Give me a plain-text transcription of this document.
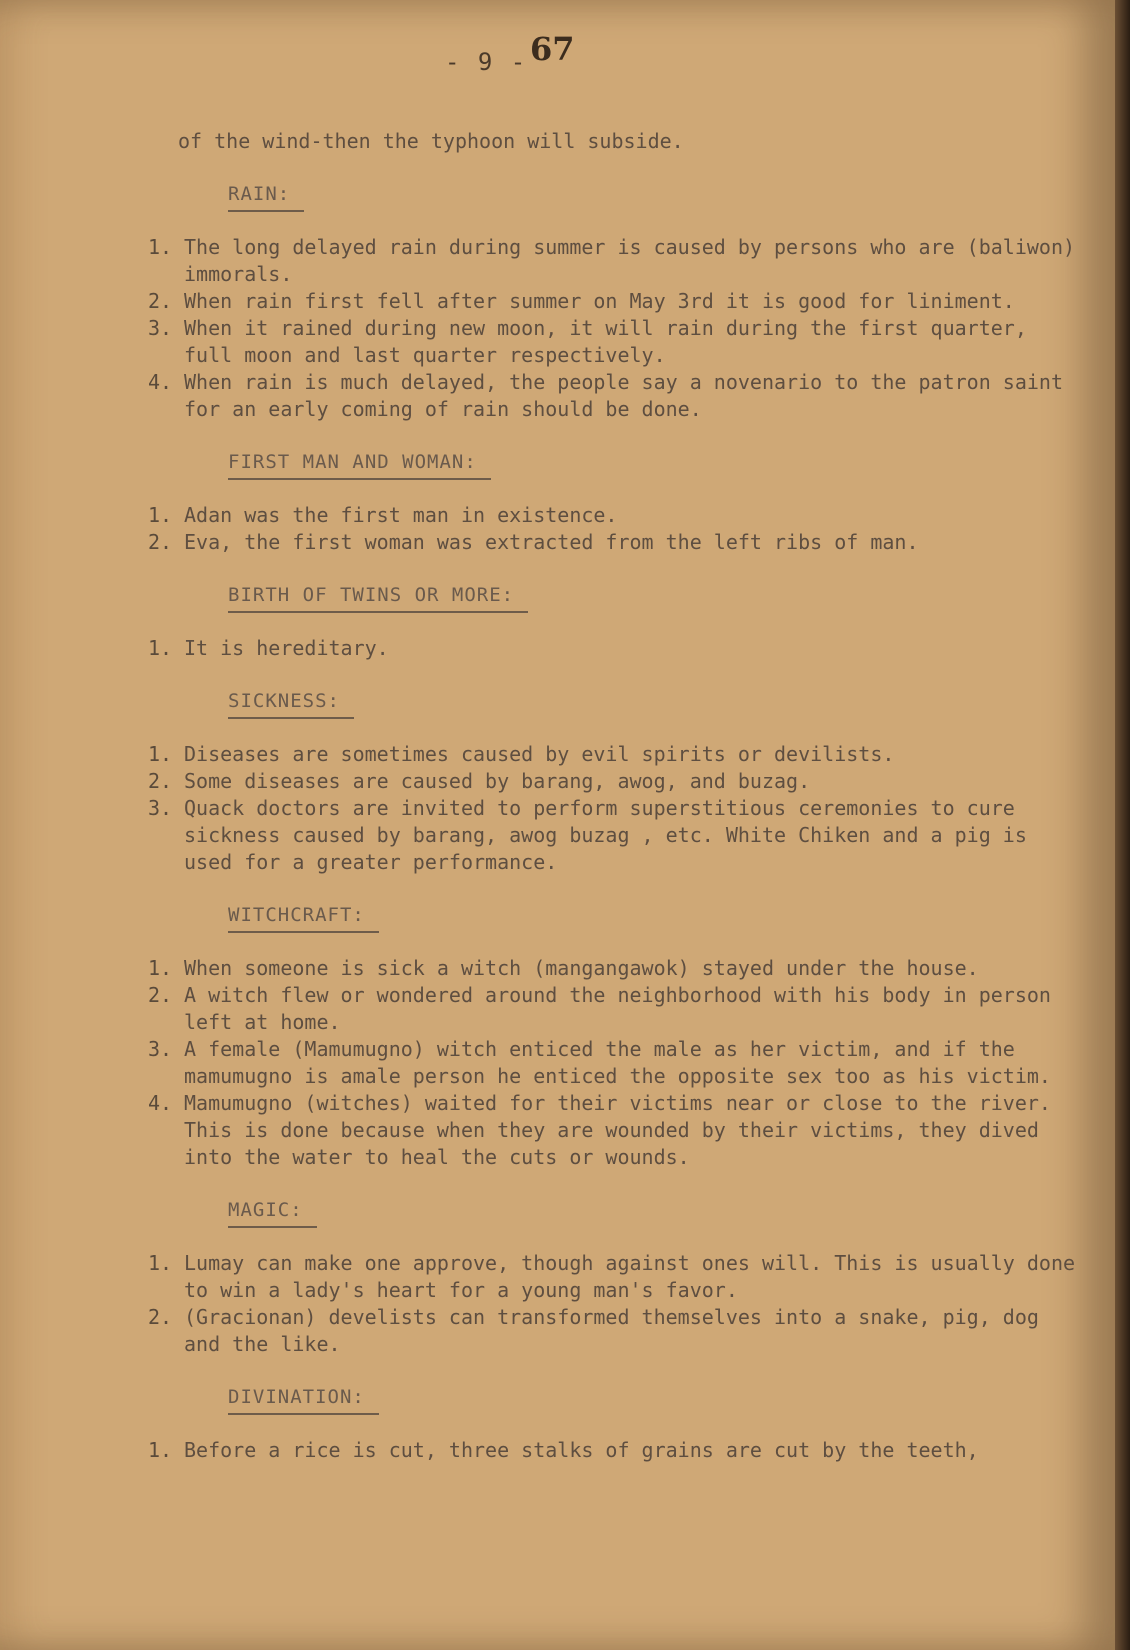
- 9 - 67

of the wind-then the typhoon will subside.

RAIN:
1. The long delayed rain during summer is caused by persons who are (baliwon) immorals.
2. When rain first fell after summer on May 3rd it is good for liniment.
3. When it rained during new moon, it will rain during the first quarter, full moon and last quarter respectively.
4. When rain is much delayed, the people say a novenario to the patron saint for an early coming of rain should be done.
FIRST MAN AND WOMAN:
1. Adan was the first man in existence.
2. Eva, the first woman was extracted from the left ribs of man.
BIRTH OF TWINS OR MORE:
1. It is hereditary.
SICKNESS:
1. Diseases are sometimes caused by evil spirits or devilists.
2. Some diseases are caused by barang, awog, and buzag.
3. Quack doctors are invited to perform superstitious ceremonies to cure sickness caused by barang, awog buzag , etc. White Chiken and a pig is used for a greater performance.
WITCHCRAFT:
1. When someone is sick a witch (mangangawok) stayed under the house.
2. A witch flew or wondered around the neighborhood with his body in person left at home.
3. A female (Mamumugno) witch enticed the male as her victim, and if the mamumugno is amale person he enticed the opposite sex too as his victim.
4. Mamumugno (witches) waited for their victims near or close to the river. This is done because when they are wounded by their victims, they dived into the water to heal the cuts or wounds.
MAGIC:
1. Lumay can make one approve, though against ones will. This is usually done to win a lady's heart for a young man's favor.
2. (Gracionan) develists can transformed themselves into a snake, pig, dog and the like.
DIVINATION:
1. Before a rice is cut, three stalks of grains are cut by the teeth,
